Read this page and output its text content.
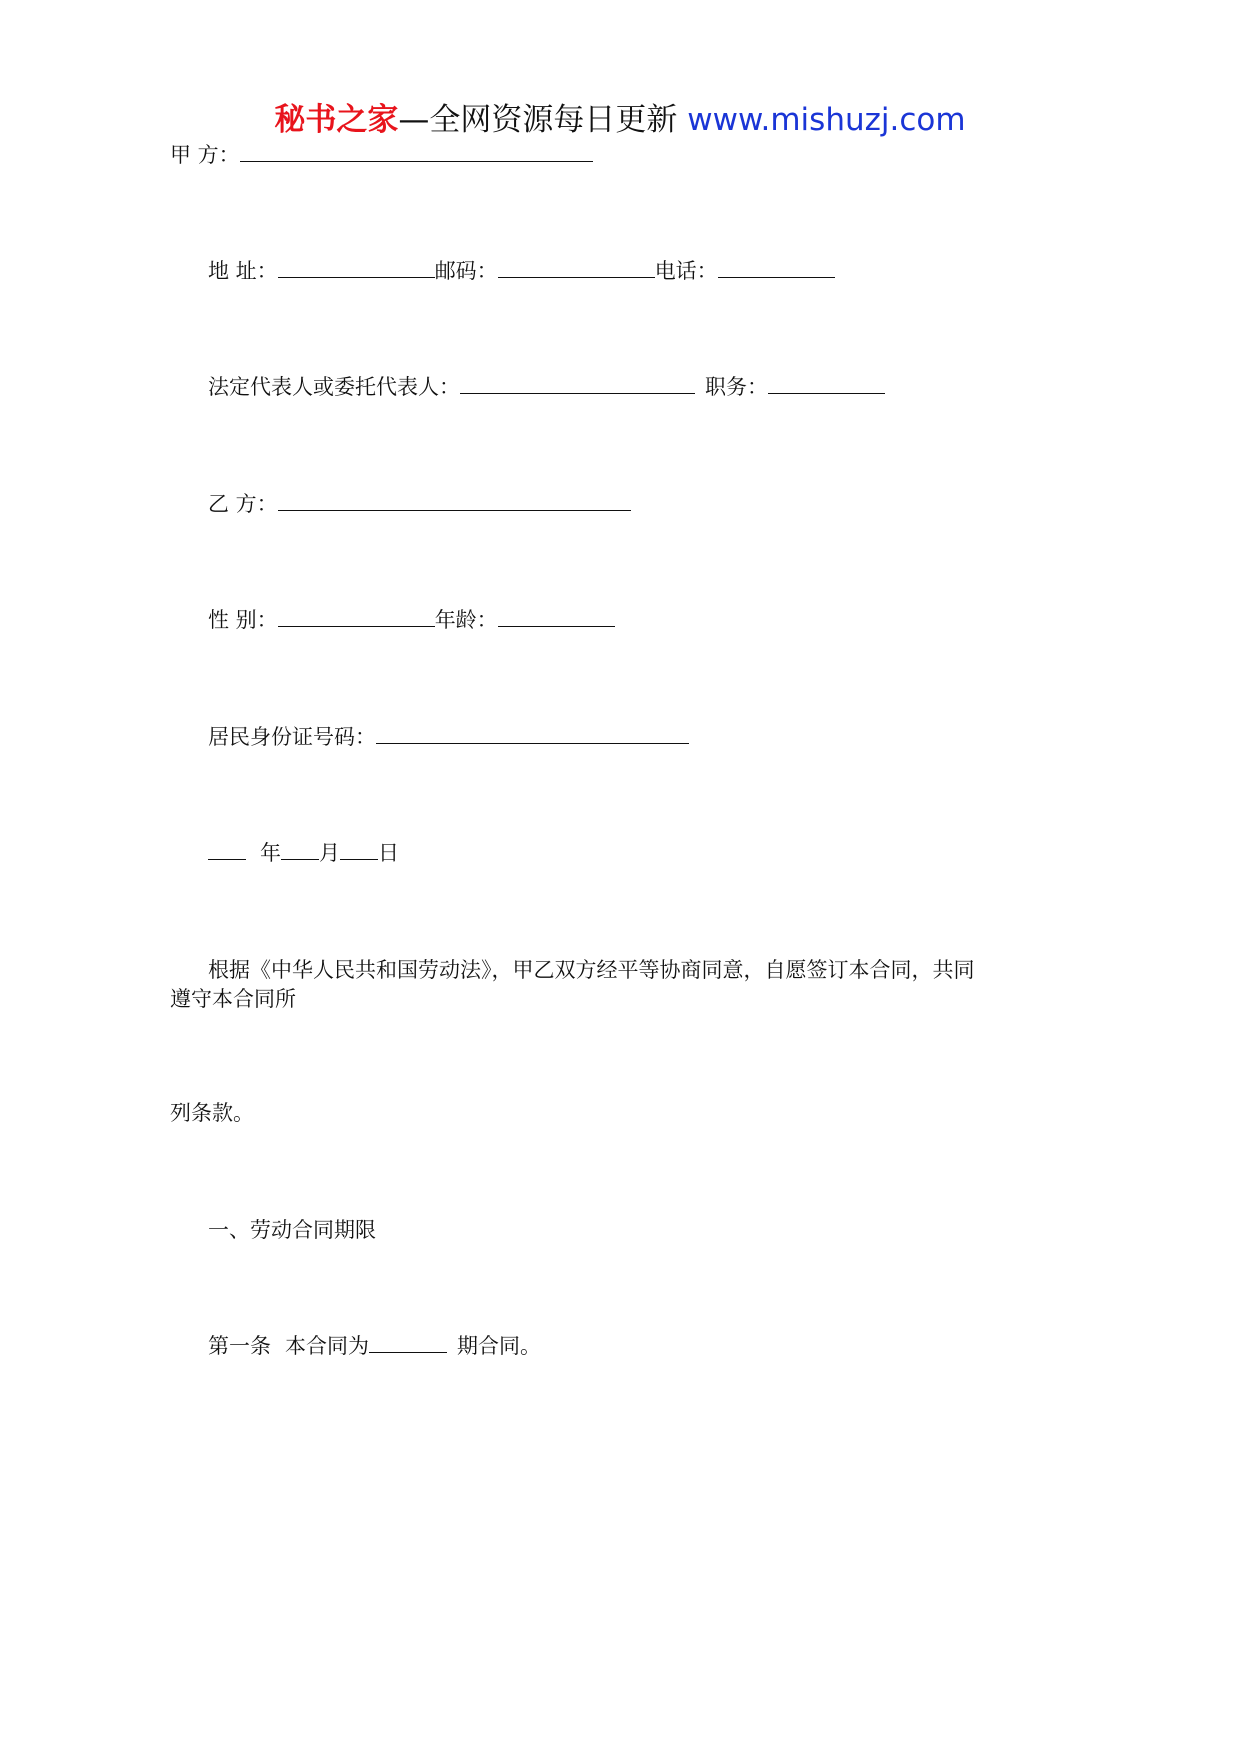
秘书之家—全网资源每日更新 www.mishuzj.com
甲 方：
地 址：	邮码：	电话：
法定代表人或委托代表人：	职务：
乙 方：
性 别：	年龄：
居民身份证号码：
年 月 日
根据《中华人民共和国劳动法》，甲乙双方经平等协商同意，自愿签订本合同，共同
遵守本合同所
列条款。
一、劳动合同期限
第一条 本合同为	期合同。
